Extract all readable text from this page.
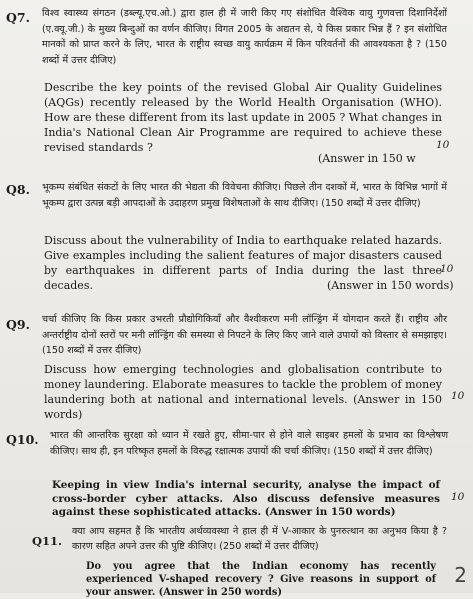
Q7. विश्व स्वास्थ्य संगठन (डब्ल्यू.एच.ओ.) द्वारा हाल ही में जारी किए गए संशोधित वैश्विक वायु गुणवत्ता दिशानिर्देशों (ए.क्यू.जी.) के मुख्य बिन्दुओं का वर्णन कीजिए। विगत 2005 के अद्यतन से, ये किस प्रकार भिन्न हैं ? इन संशोधित मानकों को प्राप्त करने के लिए, भारत के राष्ट्रीय स्वच्छ वायु कार्यक्रम में किन परिवर्तनों की आवश्यकता है ? (150 शब्दों में उत्तर दीजिए)
Describe the key points of the revised Global Air Quality Guidelines (AQGs) recently released by the World Health Organisation (WHO). How are these different from its last update in 2005 ? What changes in India's National Clean Air Programme are required to achieve these revised standards ?
(Answer in 150 w
10
Q8. भूकम्प संबंधित संकटों के लिए भारत की भेद्यता की विवेचना कीजिए। पिछले तीन दशकों में, भारत के विभिन्न भागों में भूकम्प द्वारा उत्पन्न बड़ी आपदाओं के उदाहरण प्रमुख विशेषताओं के साथ दीजिए। (150 शब्दों में उत्तर दीजिए)
Discuss about the vulnerability of India to earthquake related hazards. Give examples including the salient features of major disasters caused by earthquakes in different parts of India during the last three decades.	(Answer in 150 words)
10
Q9. चर्चा कीजिए कि किस प्रकार उभरती प्रौद्योगिकियाँ और वैश्वीकरण मनी लॉन्ड्रिंग में योगदान करते हैं। राष्ट्रीय और अन्तर्राष्ट्रीय दोनों स्तरों पर मनी लॉन्ड्रिंग की समस्या से निपटने के लिए किए जाने वाले उपायों को विस्तार से समझाइए। (150 शब्दों में उत्तर दीजिए)
Discuss how emerging technologies and globalisation contribute to money laundering. Elaborate measures to tackle the problem of money laundering both at national and international levels. (Answer in 150 words)
10
Q10. भारत की आन्तरिक सुरक्षा को ध्यान में रखते हुए, सीमा-पार से होने वाले साइबर हमलों के प्रभाव का विश्लेषण कीजिए। साथ ही, इन परिष्कृत हमलों के विरुद्ध रक्षात्मक उपायों की चर्चा कीजिए। (150 शब्दों में उत्तर दीजिए)
Keeping in view India's internal security, analyse the impact of cross-border cyber attacks. Also discuss defensive measures against these sophisticated attacks. (Answer in 150 words)
10
Q11.
क्या आप सहमत हैं कि भारतीय अर्थव्यवस्था ने हाल ही में V-आकार के पुनरुत्थान का अनुभव किया है ? कारण सहित अपने उत्तर की पुष्टि कीजिए। (250 शब्दों में उत्तर दीजिए)
Do you agree that the Indian economy has recently experienced V-shaped recovery ? Give reasons in support of your answer. (Answer in 250 words)
2
